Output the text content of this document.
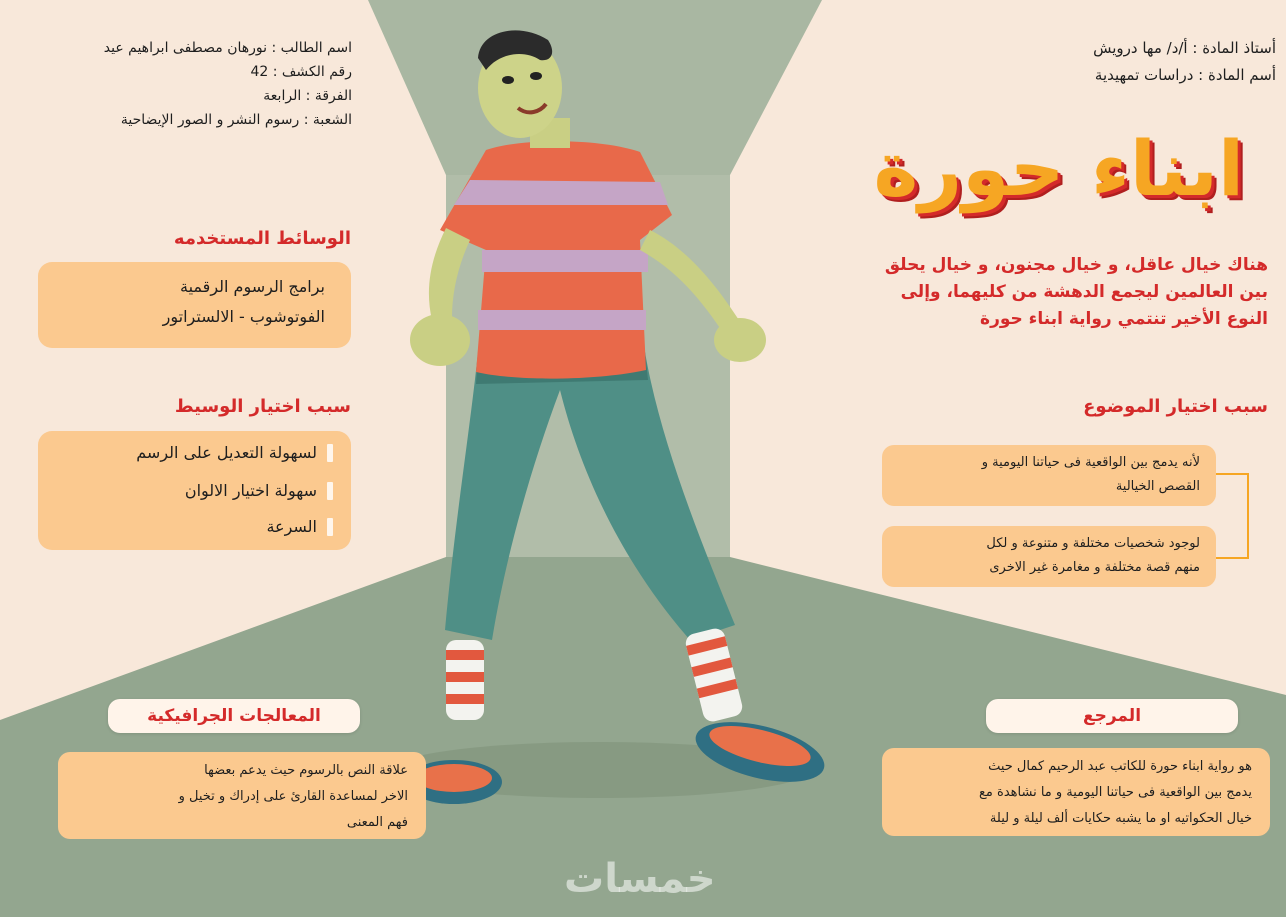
اسم الطالب : نورهان مصطفى ابراهيم عيد
رقم الكشف : 42
الفرقة : الرابعة
الشعبة : رسوم النشر و الصور الإيضاحية
أستاذ المادة : أ/د/ مها درويش
أسم المادة : دراسات تمهيدية
ابناء حورة
هناك خيال عاقل، و خيال مجنون، و خيال يحلق
بين العالمين ليجمع الدهشة من كليهما، وإلى
النوع الأخير تنتمي رواية ابناء حورة
الوسائط المستخدمه
برامج الرسوم الرقمية
الفوتوشوب - الالستراتور
سبب اختيار الوسيط
لسهولة التعديل على الرسم
سهولة اختيار الالوان
السرعة
سبب اختيار الموضوع
لأنه يدمج بين الواقعية فى حياتنا اليومية و
القصص الخيالية
لوجود شخصيات مختلفة و متنوعة و لكل
منهم قصة مختلفة و مغامرة غير الاخرى
المعالجات الجرافيكية
علاقة النص بالرسوم حيث يدعم بعضها
الاخر لمساعدة القارئ على إدراك و تخيل و
فهم المعنى
المرجع
هو رواية ابناء حورة للكاتب عبد الرحيم كمال حيث
يدمج بين الواقعية فى حياتنا اليومية و ما نشاهدة مع
خيال الحكواتيه او ما يشبه حكايات ألف ليلة و ليلة
خمسات
